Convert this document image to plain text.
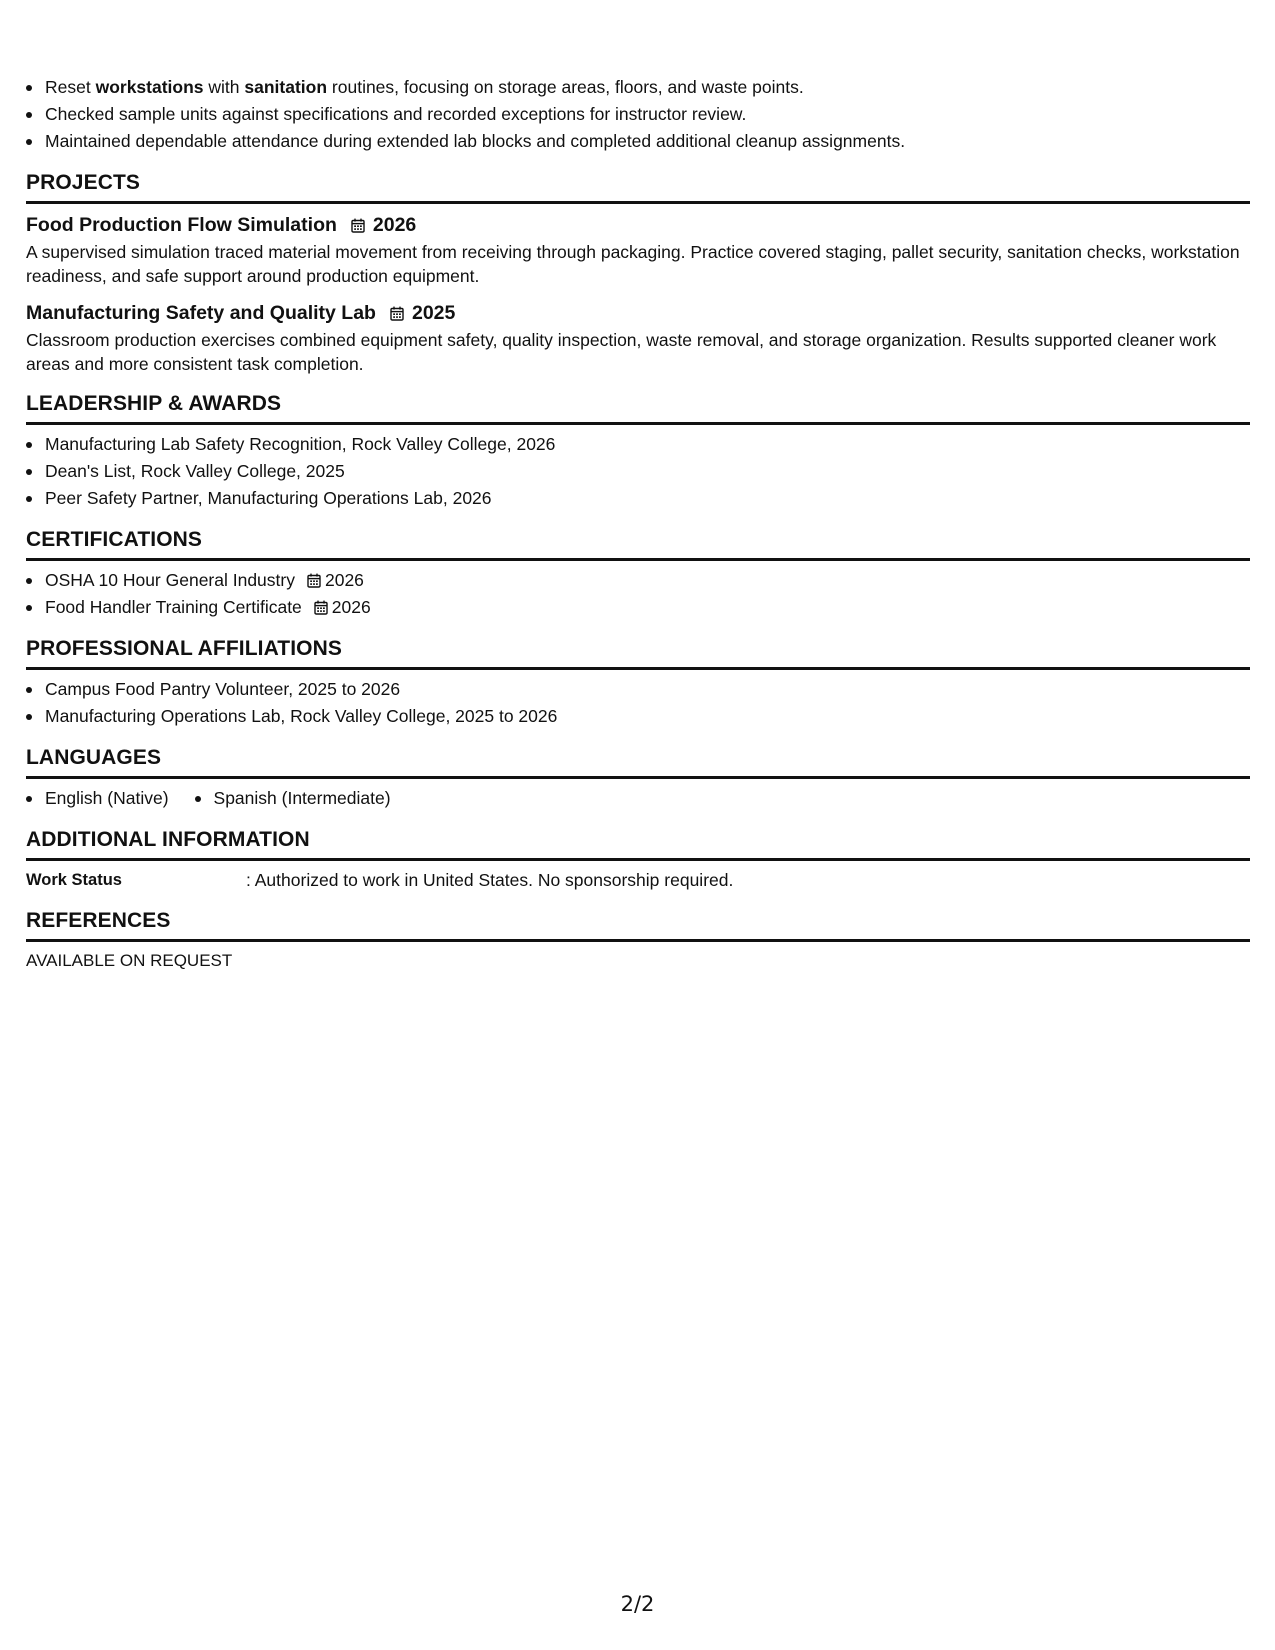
Reset workstations with sanitation routines, focusing on storage areas, floors, and waste points.
Checked sample units against specifications and recorded exceptions for instructor review.
Maintained dependable attendance during extended lab blocks and completed additional cleanup assignments.
PROJECTS
Food Production Flow Simulation 2026
A supervised simulation traced material movement from receiving through packaging. Practice covered staging, pallet security, sanitation checks, workstation readiness, and safe support around production equipment.
Manufacturing Safety and Quality Lab 2025
Classroom production exercises combined equipment safety, quality inspection, waste removal, and storage organization. Results supported cleaner work areas and more consistent task completion.
LEADERSHIP & AWARDS
Manufacturing Lab Safety Recognition, Rock Valley College, 2026
Dean's List, Rock Valley College, 2025
Peer Safety Partner, Manufacturing Operations Lab, 2026
CERTIFICATIONS
OSHA 10 Hour General Industry 2026
Food Handler Training Certificate 2026
PROFESSIONAL AFFILIATIONS
Campus Food Pantry Volunteer, 2025 to 2026
Manufacturing Operations Lab, Rock Valley College, 2025 to 2026
LANGUAGES
English (Native)	Spanish (Intermediate)
ADDITIONAL INFORMATION
Work Status	: Authorized to work in United States. No sponsorship required.
REFERENCES
AVAILABLE ON REQUEST
2/2
